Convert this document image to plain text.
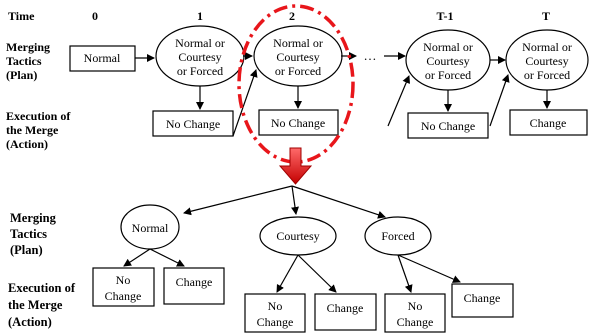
Time	0	1	2	T-1	T
Merging
Tactics
(Plan)
Execution of
the Merge
(Action)
Normal
Normal or
Courtesy
or Forced
Normal or
Courtesy
or Forced
Normal or
Courtesy
or Forced
Normal or
Courtesy
or Forced
No Change	No Change	No Change	Change
…
Merging
Tactics
(Plan)
Execution of
the Merge
(Action)
Normal
Courtesy	Forced
No
Change
Change
No
Change
Change	No
Change
Change
